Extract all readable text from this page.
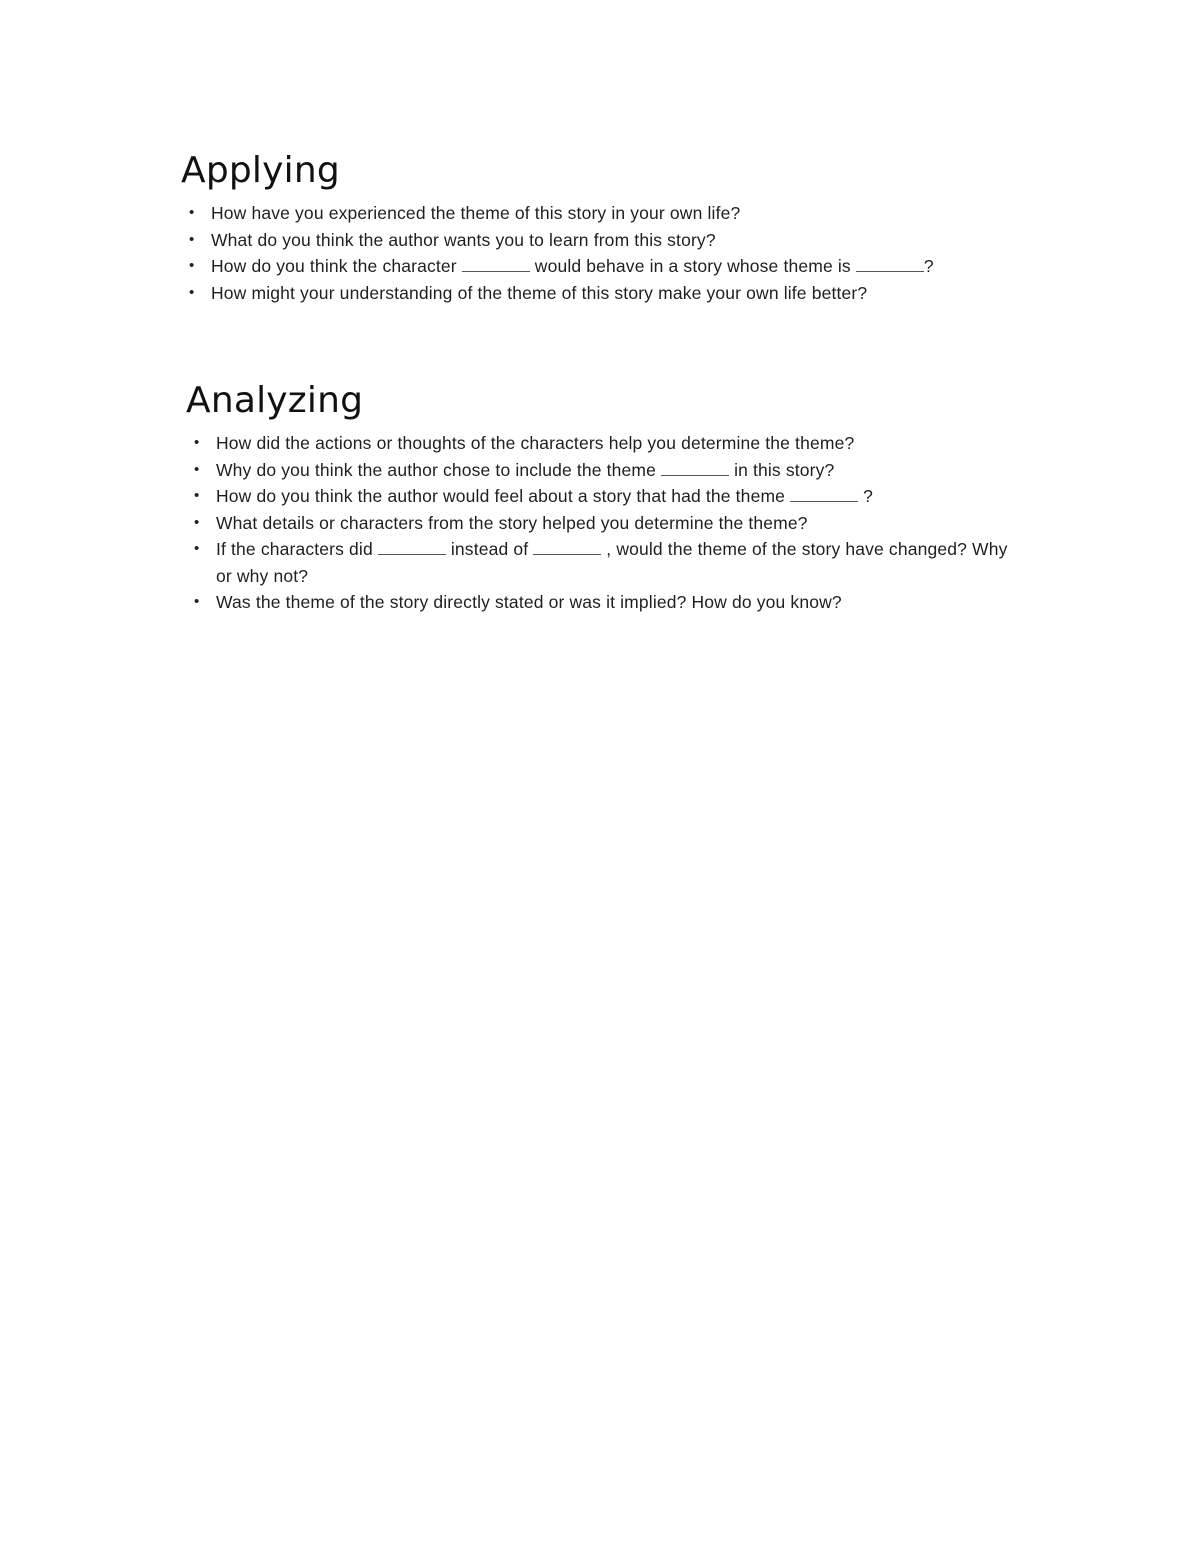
Applying
• How have you experienced the theme of this story in your own life?
• What do you think the author wants you to learn from this story?
• How do you think the character	would behave in a story whose theme is	?
• How might your understanding of the theme of this story make your own life better?
Analyzing
• How did the actions or thoughts of the characters help you determine the theme?
• Why do you think the author chose to include the theme	in this story?
• How do you think the author would feel about a story that had the theme	?
• What details or characters from the story helped you determine the theme?
• If the characters did	instead of	, would the theme of the story have changed? Why or why not?
• Was the theme of the story directly stated or was it implied? How do you know?
